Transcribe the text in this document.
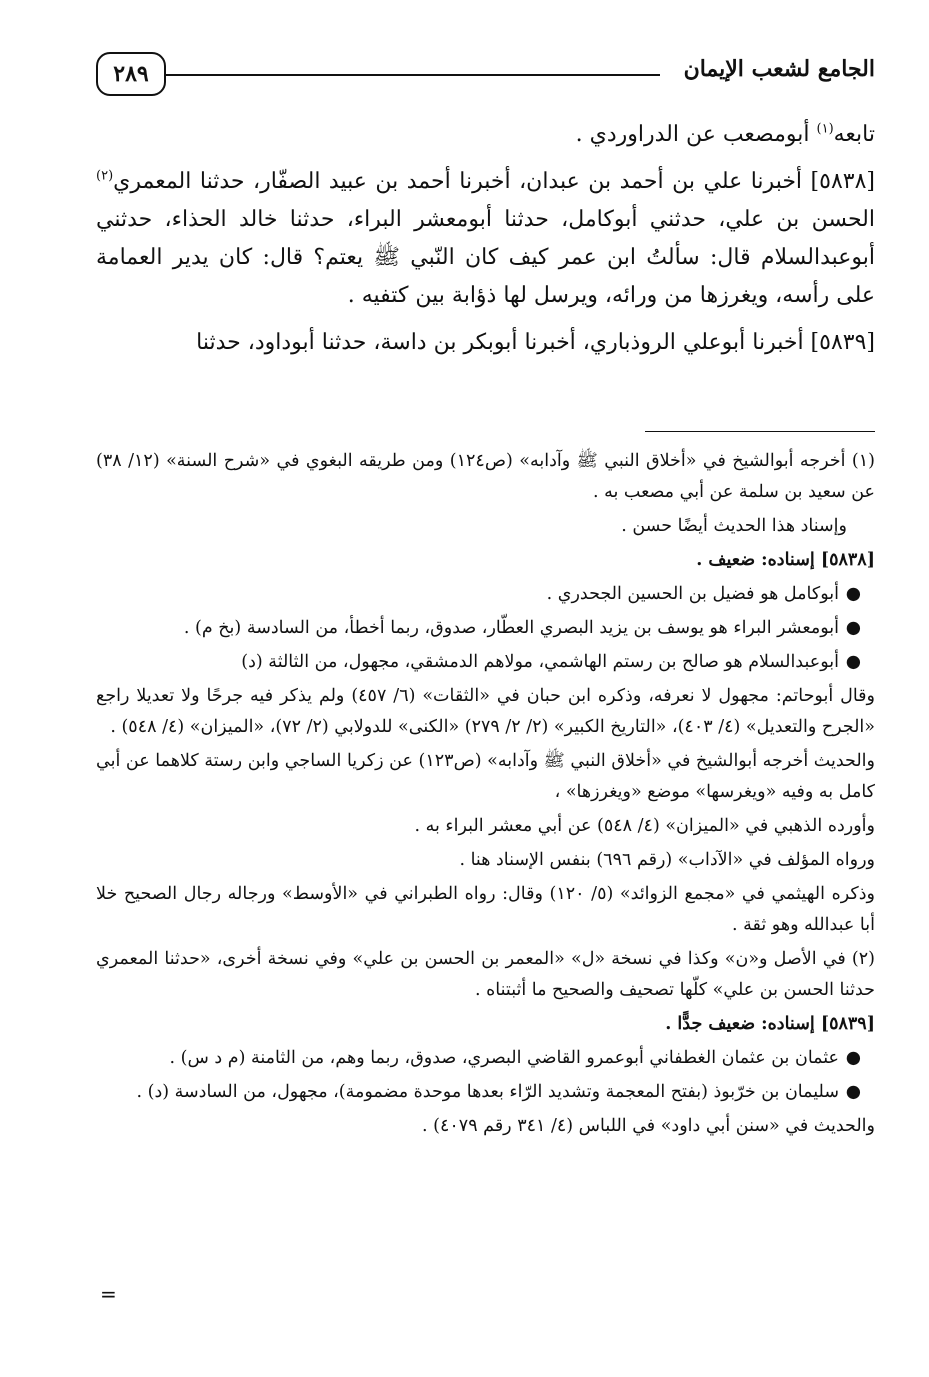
الجامع لشعب الإيمان
٢٨٩

تابعه$^{(١)}$ أبومصعب عن الدراوردي .

[٥٨٣٨] أخبرنا علي بن أحمد بن عبدان، أخبرنا أحمد بن عبيد الصفّار، حدثنا المعمري$^{(٢)}$ الحسن بن علي، حدثني أبوكامل، حدثنا أبومعشر البراء، حدثنا خالد الحذاء، حدثني أبوعبدالسلام قال: سألتُ ابن عمر كيف كان النّبي ﷺ يعتم؟ قال: كان يدير العمامة على رأسه، ويغرزها من ورائه، ويرسل لها ذؤابة بين كتفيه .

[٥٨٣٩] أخبرنا أبوعلي الروذباري، أخبرنا أبوبكر بن داسة، حدثنا أبوداود، حدثنا

(١) أخرجه أبوالشيخ في «أخلاق النبي ﷺ وآدابه» (ص١٢٤) ومن طريقه البغوي في «شرح السنة» (١٢/ ٣٨) عن سعيد بن سلمة عن أبي مصعب به .

وإسناد هذا الحديث أيضًا حسن .

[٥٨٣٨] إسناده: ضعيف .

●
أبوكامل هو فضيل بن الحسين الجحدري .

●
أبومعشر البراء هو يوسف بن يزيد البصري العطّار، صدوق، ربما أخطأ، من السادسة (بخ م) .

●
أبوعبدالسلام هو صالح بن رستم الهاشمي، مولاهم الدمشقي، مجهول، من الثالثة (د)

وقال أبوحاتم: مجهول لا نعرفه، وذكره ابن حبان في «الثقات» (٦/ ٤٥٧) ولم يذكر فيه جرحًا ولا تعديلا راجع «الجرح والتعديل» (٤/ ٤٠٣)، «التاريخ الكبير» (٢/ ٢/ ٢٧٩) «الكنى» للدولابي (٢/ ٧٢)، «الميزان» (٤/ ٥٤٨) .

والحديث أخرجه أبوالشيخ في «أخلاق النبي ﷺ وآدابه» (ص١٢٣) عن زكريا الساجي وابن رستة كلاهما عن أبي كامل به وفيه «ويغرسها» موضع «ويغرزها» ،

وأورده الذهبي في «الميزان» (٤/ ٥٤٨) عن أبي معشر البراء به .

ورواه المؤلف في «الآداب» (رقم ٦٩٦) بنفس الإسناد هنا .

وذكره الهيثمي في «مجمع الزوائد» (٥/ ١٢٠) وقال: رواه الطبراني في «الأوسط» ورجاله رجال الصحيح خلا أبا عبدالله وهو ثقة .

(٢) في الأصل و«ن» وكذا في نسخة «ل» «المعمر بن الحسن بن علي» وفي نسخة أخرى، «حدثنا المعمري حدثنا الحسن بن علي» كلّها تصحيف والصحيح ما أثبتناه .

[٥٨٣٩] إسناده: ضعيف جدًّا .

●
عثمان بن عثمان الغطفاني أبوعمرو القاضي البصري، صدوق، ربما وهم، من الثامنة (م د س) .

●
سليمان بن خرّبوذ (بفتح المعجمة وتشديد الرّاء بعدها موحدة مضمومة)، مجهول، من السادسة (د) .

والحديث في «سنن أبي داود» في اللباس (٤/ ٣٤١ رقم ٤٠٧٩) .

=
